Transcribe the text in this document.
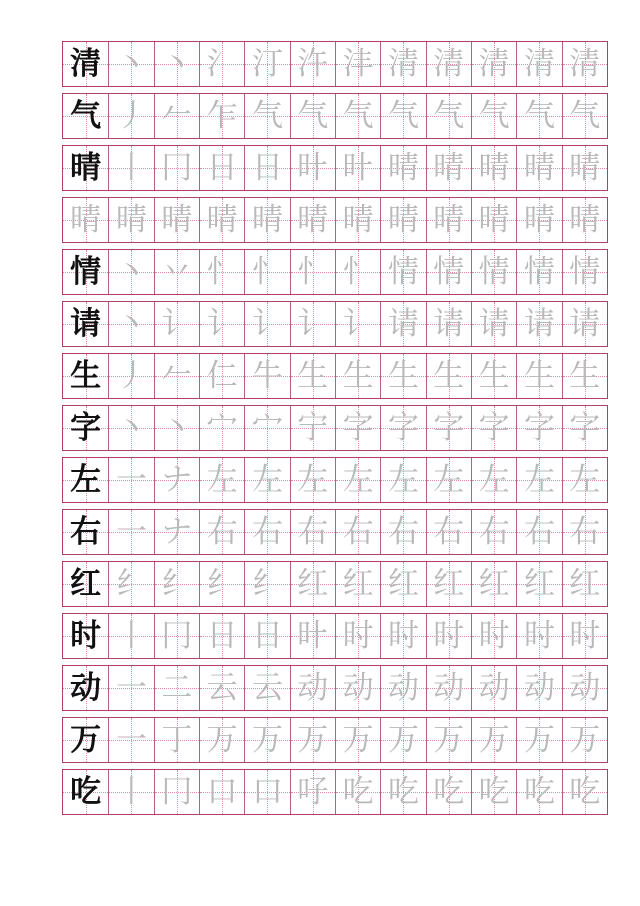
清 丶 丶 氵 汀 汻 沣 清 清 清 清 清
气 丿 𠂉 乍 气 气 气 气 气 气 气 气
晴 丨 冂 日 日 旪 旪 晴 晴 晴 晴 晴
晴 晴 晴 晴 晴 晴 晴 晴 晴 晴 晴 晴
情 丶 丷 忄 忄 忄 忄 情 情 情 情 情
请 丶 讠 讠 讠 讠 讠 请 请 请 请 请
生 丿 𠂉 仁 牛 生 生 生 生 生 生 生
字 丶 丶 宀 宀 宁 字 字 字 字 字 字
左 一 ナ 左 左 左 左 左 左 左 左 左
右 一 ナ 右 右 右 右 右 右 右 右 右
红 纟 纟 纟 纟 红 红 红 红 红 红 红
时 丨 冂 日 日 旪 时 时 时 时 时 时
动 一 二 云 云 动 动 动 动 动 动 动
万 一 丁 万 万 万 万 万 万 万 万 万
吃 丨 冂 口 口 吇 吃 吃 吃 吃 吃 吃
